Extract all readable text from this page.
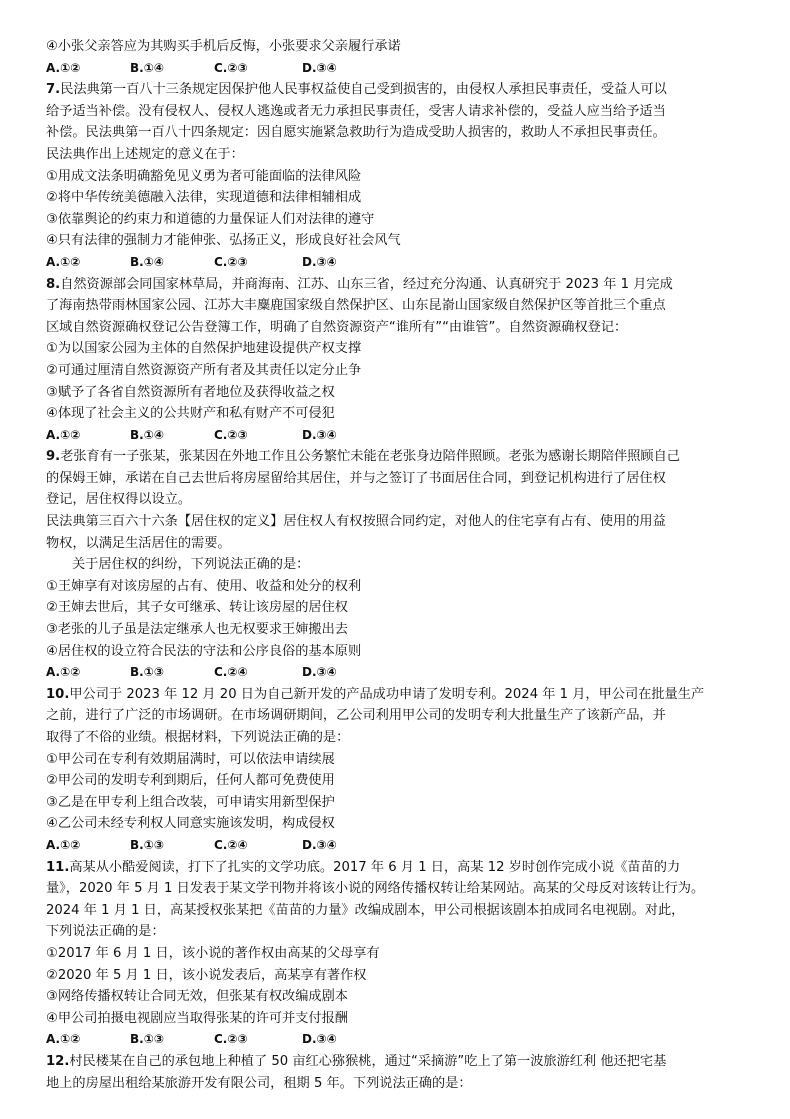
④小张父亲答应为其购买手机后反悔，小张要求父亲履行承诺
A.①②	B.①④	C.②③	D.③④
7.民法典第一百八十三条规定因保护他人民事权益使自己受到损害的，由侵权人承担民事责任，受益人可以
给予适当补偿。没有侵权人、侵权人逃逸或者无力承担民事责任，受害人请求补偿的，受益人应当给予适当
补偿。民法典第一百八十四条规定：因自愿实施紧急救助行为造成受助人损害的，救助人不承担民事责任。
民法典作出上述规定的意义在于：
①用成文法条明确豁免见义勇为者可能面临的法律风险
②将中华传统美德融入法律，实现道德和法律相辅相成
③依靠舆论的约束力和道德的力量保证人们对法律的遵守
④只有法律的强制力才能伸张、弘扬正义，形成良好社会风气
A.①②	B.①④	C.②③	D.③④
8.自然资源部会同国家林草局，并商海南、江苏、山东三省，经过充分沟通、认真研究于 2023 年 1 月完成
了海南热带雨林国家公园、江苏大丰麋鹿国家级自然保护区、山东昆嵛山国家级自然保护区等首批三个重点
区域自然资源确权登记公告登簿工作，明确了自然资源资产“谁所有”“由谁管”。自然资源确权登记：
①为以国家公园为主体的自然保护地建设提供产权支撑
②可通过厘清自然资源资产所有者及其责任以定分止争
③赋予了各省自然资源所有者地位及获得收益之权
④体现了社会主义的公共财产和私有财产不可侵犯
A.①②	B.①④	C.②③	D.③④
9.老张育有一子张某，张某因在外地工作且公务繁忙未能在老张身边陪伴照顾。老张为感谢长期陪伴照顾自己
的保姆王婶，承诺在自己去世后将房屋留给其居住，并与之签订了书面居住合同，到登记机构进行了居住权
登记，居住权得以设立。
民法典第三百六十六条【居住权的定义】居住权人有权按照合同约定，对他人的住宅享有占有、使用的用益
物权，以满足生活居住的需要。
关于居住权的纠纷，下列说法正确的是：
①王婶享有对该房屋的占有、使用、收益和处分的权利
②王婶去世后，其子女可继承、转让该房屋的居住权
③老张的儿子虽是法定继承人也无权要求王婶搬出去
④居住权的设立符合民法的守法和公序良俗的基本原则
A.①②	B.①③	C.②④	D.③④
10.甲公司于 2023 年 12 月 20 日为自己新开发的产品成功申请了发明专利。2024 年 1 月，甲公司在批量生产
之前，进行了广泛的市场调研。在市场调研期间，乙公司利用甲公司的发明专利大批量生产了该新产品，并
取得了不俗的业绩。根据材料，下列说法正确的是：
①甲公司在专利有效期届满时，可以依法申请续展
②甲公司的发明专利到期后，任何人都可免费使用
③乙是在甲专利上组合改装，可申请实用新型保护
④乙公司未经专利权人同意实施该发明，构成侵权
A.①②	B.①③	C.②④	D.③④
11.高某从小酷爱阅读，打下了扎实的文学功底。2017 年 6 月 1 日，高某 12 岁时创作完成小说《苗苗的力
量》，2020 年 5 月 1 日发表于某文学刊物并将该小说的网络传播权转让给某网站。高某的父母反对该转让行为。
2024 年 1 月 1 日，高某授权张某把《苗苗的力量》改编成剧本，甲公司根据该剧本拍成同名电视剧。对此，
下列说法正确的是：
①2017 年 6 月 1 日，该小说的著作权由高某的父母享有
②2020 年 5 月 1 日，该小说发表后，高某享有著作权
③网络传播权转让合同无效，但张某有权改编成剧本
④甲公司拍摄电视剧应当取得张某的许可并支付报酬
A.①②	B.①③	C.②③	D.③④
12.村民楼某在自己的承包地上种植了 50 亩红心猕猴桃，通过“采摘游”吃上了第一波旅游红利 他还把宅基
地上的房屋出租给某旅游开发有限公司，租期 5 年。下列说法正确的是：
